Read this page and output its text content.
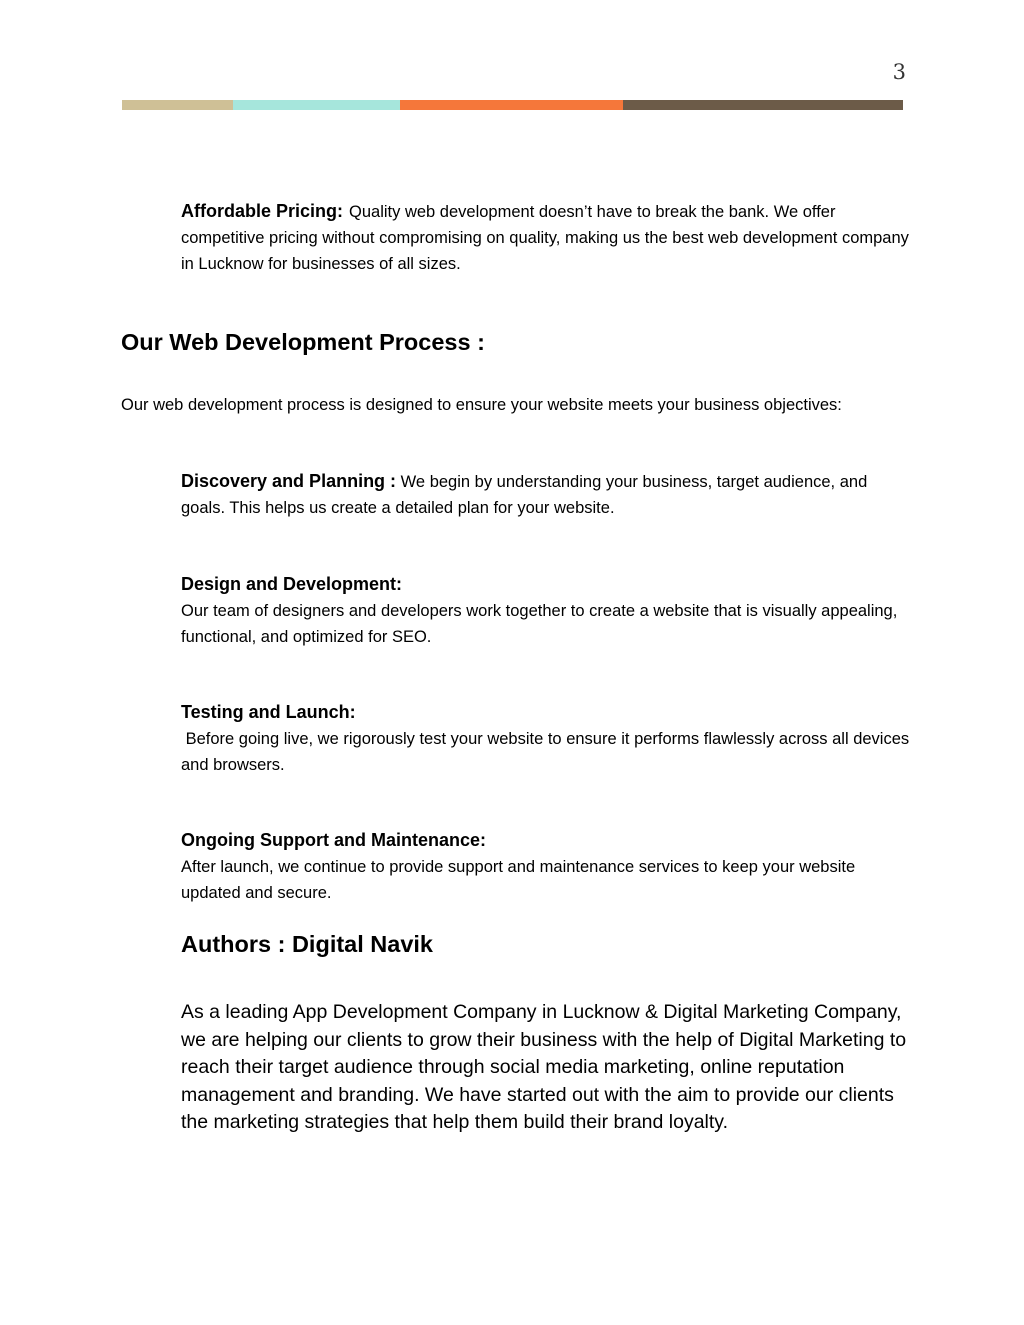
3
Affordable Pricing: Quality web development doesn’t have to break the bank. We offer competitive pricing without compromising on quality, making us the best web development company in Lucknow for businesses of all sizes.
Our Web Development Process :
Our web development process is designed to ensure your website meets your business objectives:
Discovery and Planning : We begin by understanding your business, target audience, and goals. This helps us create a detailed plan for your website.
Design and Development:
Our team of designers and developers work together to create a website that is visually appealing, functional, and optimized for SEO.
Testing and Launch:
Before going live, we rigorously test your website to ensure it performs flawlessly across all devices and browsers.
Ongoing Support and Maintenance:
After launch, we continue to provide support and maintenance services to keep your website updated and secure.
Authors : Digital Navik
As a leading App Development Company in Lucknow & Digital Marketing Company, we are helping our clients to grow their business with the help of Digital Marketing to reach their target audience through social media marketing, online reputation management and branding. We have started out with the aim to provide our clients the marketing strategies that help them build their brand loyalty.
